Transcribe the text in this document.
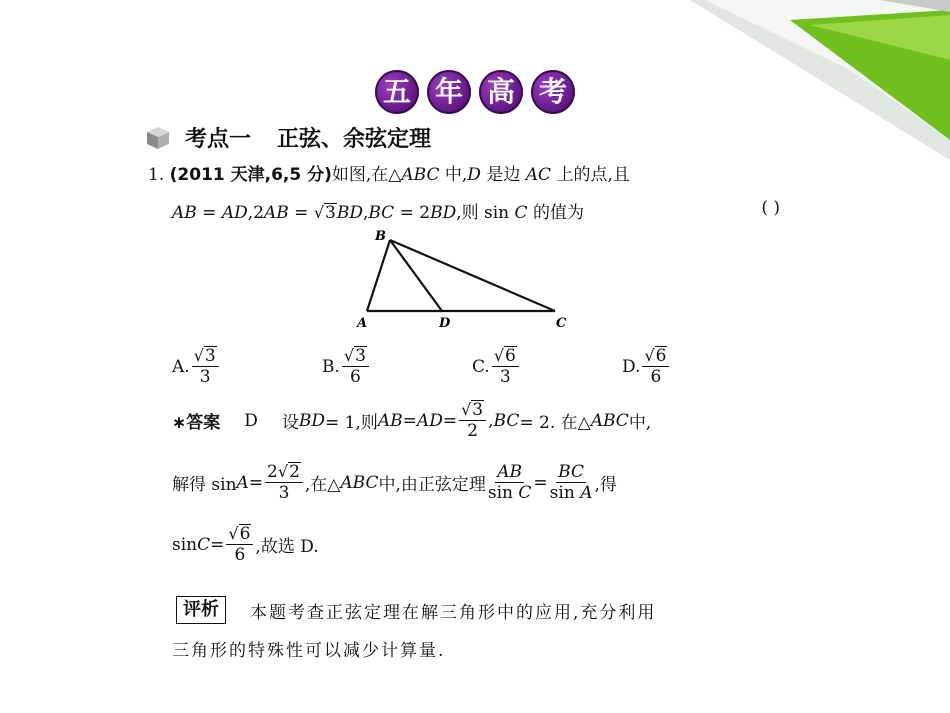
五 年 高 考
考点一 正弦、余弦定理
1. (2011 天津,6,5 分)如图,在△ABC 中,D 是边 AC 上的点,且
AB = AD,2AB = √ 3 BD,BC = 2BD,则 sin C 的值为	( )
B
A	D	C
A. $\frac{√ 3}{3}$	B. $\frac{√ 3}{6}$	C. $\frac{√ 6}{3}$	D. $\frac{√ 6}{6}$
∗答案 D 设 BD = 1,则 AB = AD = $\frac{√ 3}{2}$ , BC = 2. 在△ ABC 中,
解得 $\sin A = \frac{2 √ 2}{3}$ ,在△ ABC 中,由正弦定理 $\frac{AB}{\text{sin C}} = \frac{BC}{\text{sin A}}$ ,得
$\sin C = \frac{√ 6}{6}$ ,故选 D.
评析	本题考查正弦定理在解三角形中的应用,充分利用
三角形的特殊性可以减少计算量.
